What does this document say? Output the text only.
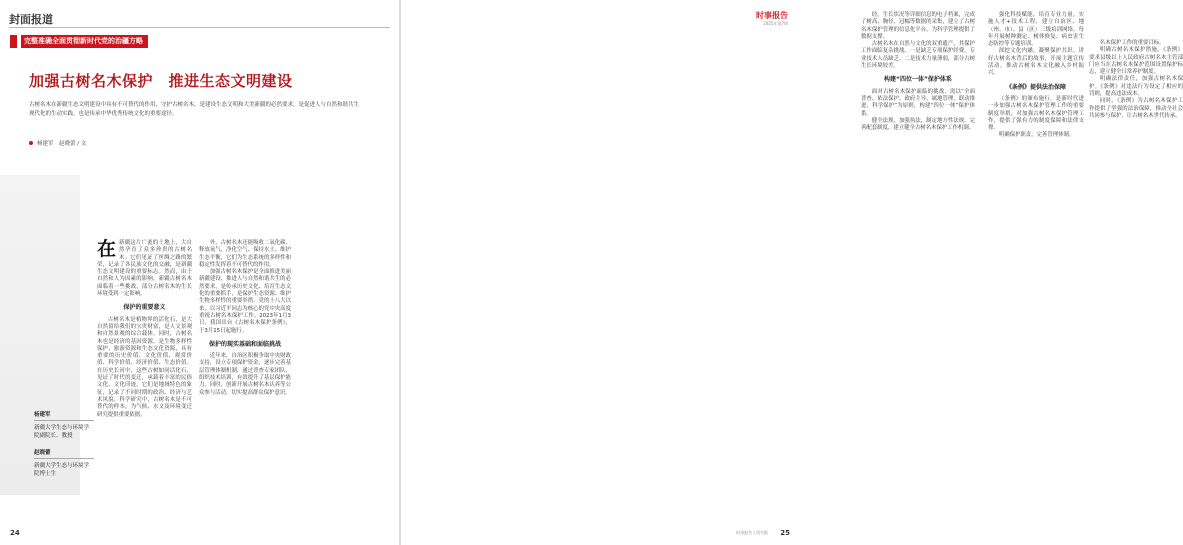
封面报道
完整准确全面贯彻新时代党的治疆方略
加强古树名木保护　推进生态文明建设
古树名木在新疆生态文明建设中具有不可替代的作用，守护古树名木，是建设生态文明和大美新疆的必然要求，是促进人与自然和谐共生现代化的生动实践，也是传承中华优秀传统文化的重要途径。
杨建军　赵晓蕾 / 文
杨建军
新疆大学生态与环境学院副院长、教授
赵晓蕾
新疆大学生态与环境学院博士生
在 新疆这片广袤的土地上，大自然孕育了众多珍贵的古树名木。它们见证了丝绸之路的繁荣，记录了各民族文化的交融，是新疆生态文明建设的重要标志。然而，由于自然和人为因素的影响，新疆古树名木面临着一些挑战，部分古树名木的生长环境受到一定影响。
保护的重要意义

古树名木是植物界的活化石，是大自然留给我们的宝贵财富，是人文景观和自然景观的综合载体。同时，古树名木也是经济的基因资源，是生物多样性保护、旅游资源和生态文化资源，具有重要的历史价值、文化价值、观赏价值、科学价值、经济价值、生态价值。在历史长河中，这些古树如同活化石，见证了时代的变迁，承载着丰富的民俗文化、文化印迹，它们是地域特色的象征，记录了不同时期的政治、经济与艺术风貌。科学研究中，古树名木是不可替代的样本，为气候、水文及环境变迁研究提供重要依据。

外，古树名木还能吸收二氧化碳、释放氧气、净化空气、保持水土、维护生态平衡，它们为生态系统的多样性和稳定性发挥着不可替代的作用。

加强古树名木保护是全面推进美丽新疆建设、推进人与自然和谐共生的必然要求，是传承历史文化、培育生态文化的重要抓手，是保护生态资源、维护生物多样性的重要举措。党的十八大以来，以习近平同志为核心的党中央高度重视古树名木保护工作。2023年1月3日，我国出台《古树名木保护条例》，于3月15日起施行。

保护的现实基础和面临挑战

近年来，自治区积极争取中央财政支持，设立专项保护资金，逐步完善基层管理体制机制，通过普查专家团队、组织技术培训，有效提升了基层保护能力。同时，创新开展古树名木认养等公众参与活动，切实提高群众保护意识。

24
时事报告
2025年第7期

经，生长状况等详细信息的电子档案，完成了树高、胸径、冠幅等数据的采集，建立了古树名木保护管理的信息化平台，为科学管理提供了数据支撑。

古树名木在自然与文化的双重遗产，其保护工作面临复杂挑战。一是缺乏专项保护经费，专业技术人员缺乏。二是技术力量薄弱，部分古树生长环境较差。

构建“四位一体”保护体系

面对古树名木保护面临的挑战，需以“全面普查、依法保护、政府主导、属地管理、联动推进、科学保护”为原则，构建“四位一体”保护体系。

健全法规，加强执法，制定地方性法规，完善配套制度，建立健全古树名木保护工作机制。

强化科技赋能，培育专业力量。实施人才+技术工程，建立自治区、地（州、市）、县（区）三级培训网络，每年开展树种测定、树体修复、病虫害生态防控等专题培训。

深挖文化内涵，凝聚保护共识。讲好古树名木背后的故事，开展主题宣传活动，推动古树名木文化融入乡村振兴。

《条例》提供法治保障

《条例》的颁布施行，是新时代进一步加强古树名木保护管理工作的重要制度举措，对加强古树名木保护管理工作，提供了强有力的制度保障和法律支撑。

明确保护职责，完善管理体制。

名木保护工作的重要目标。

明确古树名木保护措施。《条例》要求县级以上人民政府古树名木主管部门应当在古树名木保护范围设置保护标志，建立健全日常养护制度。

明确法律责任，加强古树名木保护。《条例》对违法行为设定了相应的罚则，提高违法成本。

同时，《条例》为古树名木保护工作提供了坚强的法治保障，推动全社会共同参与保护，让古树名木世代传承。

时事报告 | 图书版 25
